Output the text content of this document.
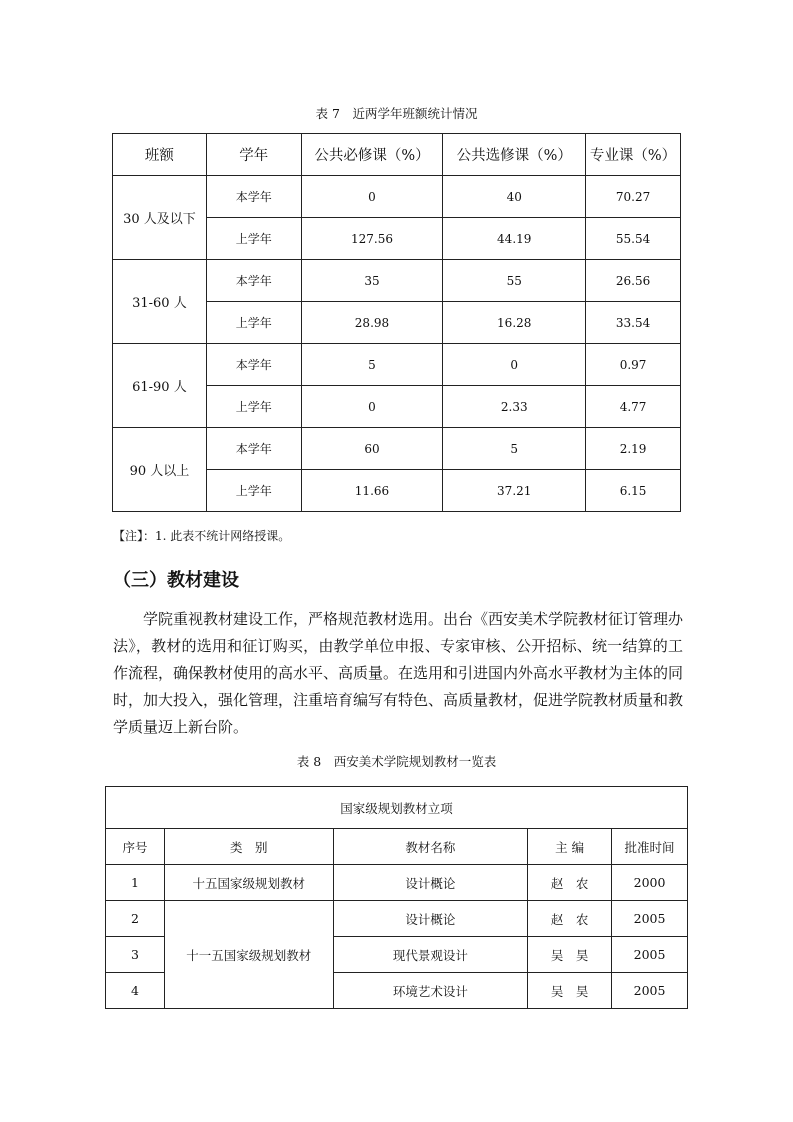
表 7　近两学年班额统计情况
班额	学年	公共必修课（%）	公共选修课（%）	专业课（%）
30 人及以下	本学年	0	40	70.27
	上学年	127.56	44.19	55.54
31-60 人	本学年	35	55	26.56
	上学年	28.98	16.28	33.54
61-90 人	本学年	5	0	0.97
	上学年	0	2.33	4.77
90 人以上	本学年	60	5	2.19
	上学年	11.66	37.21	6.15
【注】：1. 此表不统计网络授课。
（三）教材建设

学院重视教材建设工作，严格规范教材选用。出台《西安美术学院教材征订管理办法》，教材的选用和征订购买，由教学单位申报、专家审核、公开招标、统一结算的工作流程，确保教材使用的高水平、高质量。在选用和引进国内外高水平教材为主体的同时，加大投入，强化管理，注重培育编写有特色、高质量教材，促进学院教材质量和教学质量迈上新台阶。

表 8　西安美术学院规划教材一览表
国家级规划教材立项				
序号	类　别	教材名称	主 编	批准时间
1	十五国家级规划教材	设计概论	赵　农	2000
2	十一五国家级规划教材	设计概论	赵　农	2005
3		现代景观设计	吴　昊	2005
4		环境艺术设计	吴　昊	2005
